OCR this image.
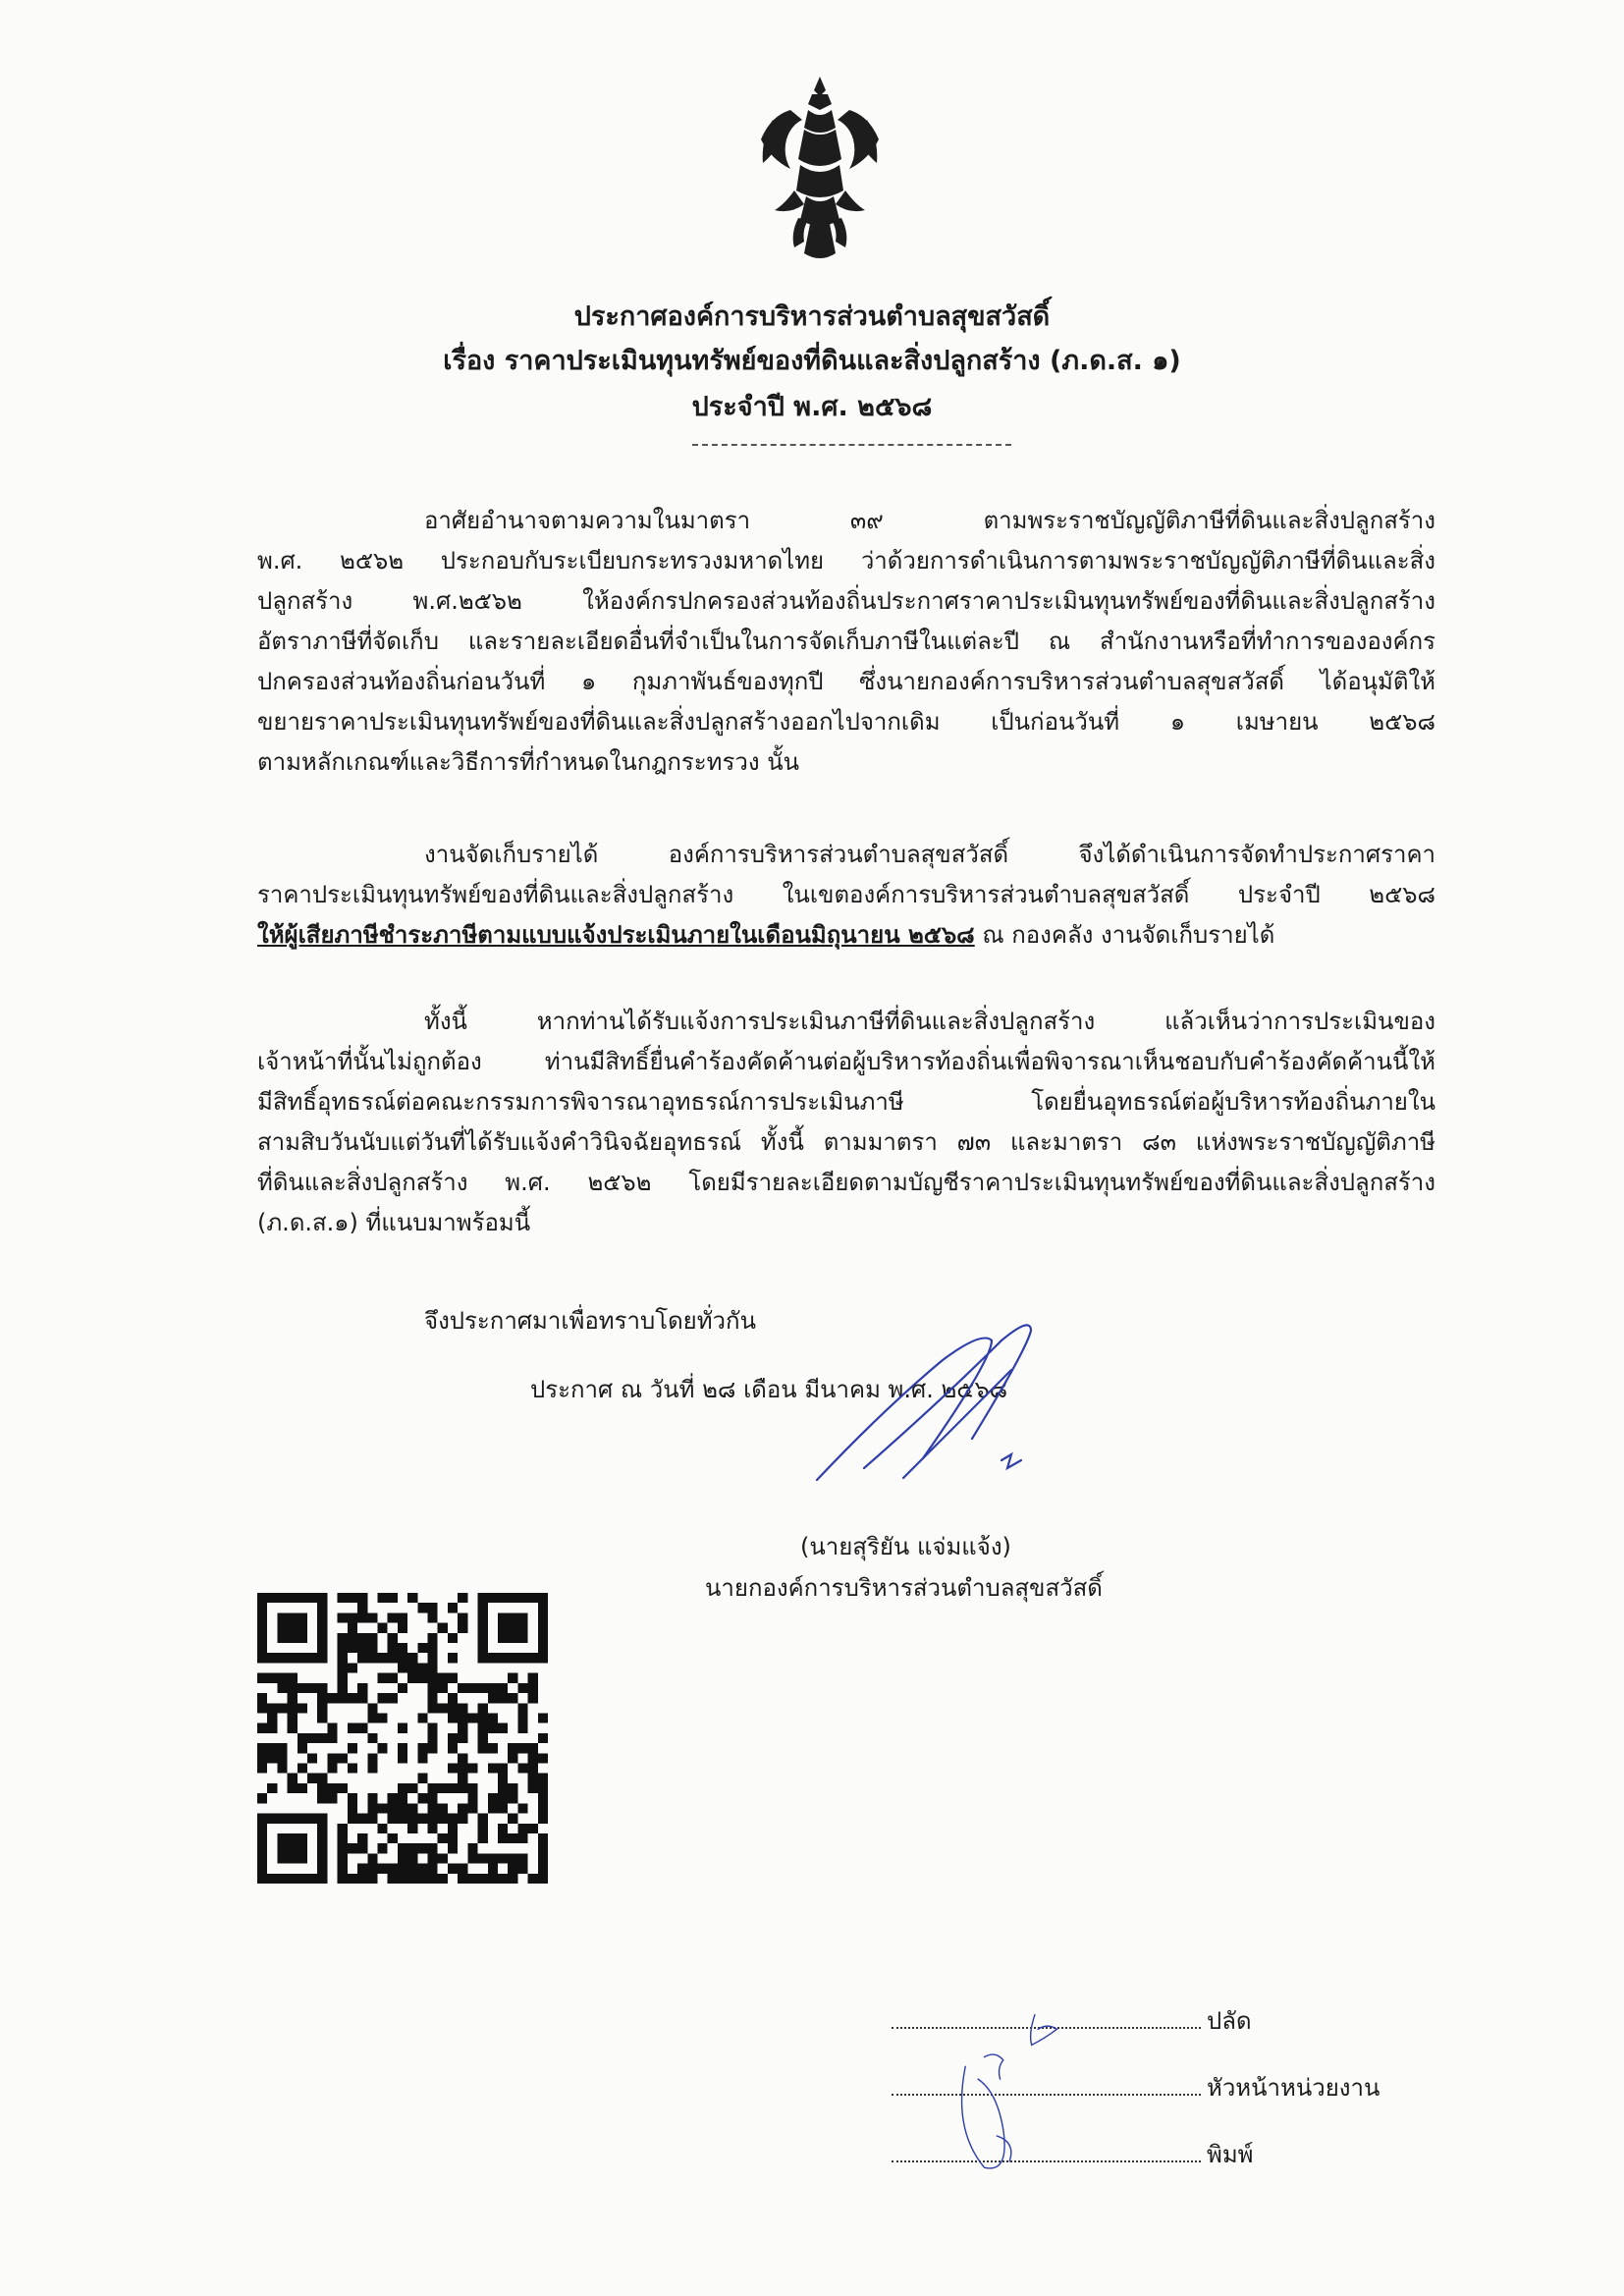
ประกาศองค์การบริหารส่วนตำบลสุขสวัสดิ์
เรื่อง ราคาประเมินทุนทรัพย์ของที่ดินและสิ่งปลูกสร้าง (ภ.ด.ส. ๑)
ประจำปี พ.ศ. ๒๕๖๘
อาศัยอำนาจตามความในมาตรา ๓๙ ตามพระราชบัญญัติภาษีที่ดินและสิ่งปลูกสร้าง
พ.ศ. ๒๕๖๒ ประกอบกับระเบียบกระทรวงมหาดไทย ว่าด้วยการดำเนินการตามพระราชบัญญัติภาษีที่ดินและสิ่ง
ปลูกสร้าง พ.ศ.๒๕๖๒ ให้องค์กรปกครองส่วนท้องถิ่นประกาศราคาประเมินทุนทรัพย์ของที่ดินและสิ่งปลูกสร้าง
อัตราภาษีที่จัดเก็บ และรายละเอียดอื่นที่จำเป็นในการจัดเก็บภาษีในแต่ละปี ณ สำนักงานหรือที่ทำการขององค์กร
ปกครองส่วนท้องถิ่นก่อนวันที่ ๑ กุมภาพันธ์ของทุกปี ซึ่งนายกองค์การบริหารส่วนตำบลสุขสวัสดิ์ ได้อนุมัติให้
ขยายราคาประเมินทุนทรัพย์ของที่ดินและสิ่งปลูกสร้างออกไปจากเดิม เป็นก่อนวันที่ ๑ เมษายน ๒๕๖๘
ตามหลักเกณฑ์และวิธีการที่กำหนดในกฎกระทรวง นั้น
งานจัดเก็บรายได้ องค์การบริหารส่วนตำบลสุขสวัสดิ์ จึงได้ดำเนินการจัดทำประกาศราคา
ราคาประเมินทุนทรัพย์ของที่ดินและสิ่งปลูกสร้าง ในเขตองค์การบริหารส่วนตำบลสุขสวัสดิ์ ประจำปี ๒๕๖๘
ให้ผู้เสียภาษีชำระภาษีตามแบบแจ้งประเมินภายในเดือนมิถุนายน ๒๕๖๘ ณ กองคลัง งานจัดเก็บรายได้
ทั้งนี้ หากท่านได้รับแจ้งการประเมินภาษีที่ดินและสิ่งปลูกสร้าง แล้วเห็นว่าการประเมินของ
เจ้าหน้าที่นั้นไม่ถูกต้อง ท่านมีสิทธิ์ยื่นคำร้องคัดค้านต่อผู้บริหารท้องถิ่นเพื่อพิจารณาเห็นชอบกับคำร้องคัดค้านนี้ให้
มีสิทธิ์อุทธรณ์ต่อคณะกรรมการพิจารณาอุทธรณ์การประเมินภาษี โดยยื่นอุทธรณ์ต่อผู้บริหารท้องถิ่นภายใน
สามสิบวันนับแต่วันที่ได้รับแจ้งคำวินิจฉัยอุทธรณ์ ทั้งนี้ ตามมาตรา ๗๓ และมาตรา ๘๓ แห่งพระราชบัญญัติภาษี
ที่ดินและสิ่งปลูกสร้าง พ.ศ. ๒๕๖๒ โดยมีรายละเอียดตามบัญชีราคาประเมินทุนทรัพย์ของที่ดินและสิ่งปลูกสร้าง
(ภ.ด.ส.๑) ที่แนบมาพร้อมนี้
จึงประกาศมาเพื่อทราบโดยทั่วกัน
ประกาศ ณ วันที่ ๒๘ เดือน มีนาคม พ.ศ. ๒๕๖๘
(นายสุริยัน แจ่มแจ้ง)
นายกองค์การบริหารส่วนตำบลสุขสวัสดิ์
ปลัด
หัวหน้าหน่วยงาน
พิมพ์
